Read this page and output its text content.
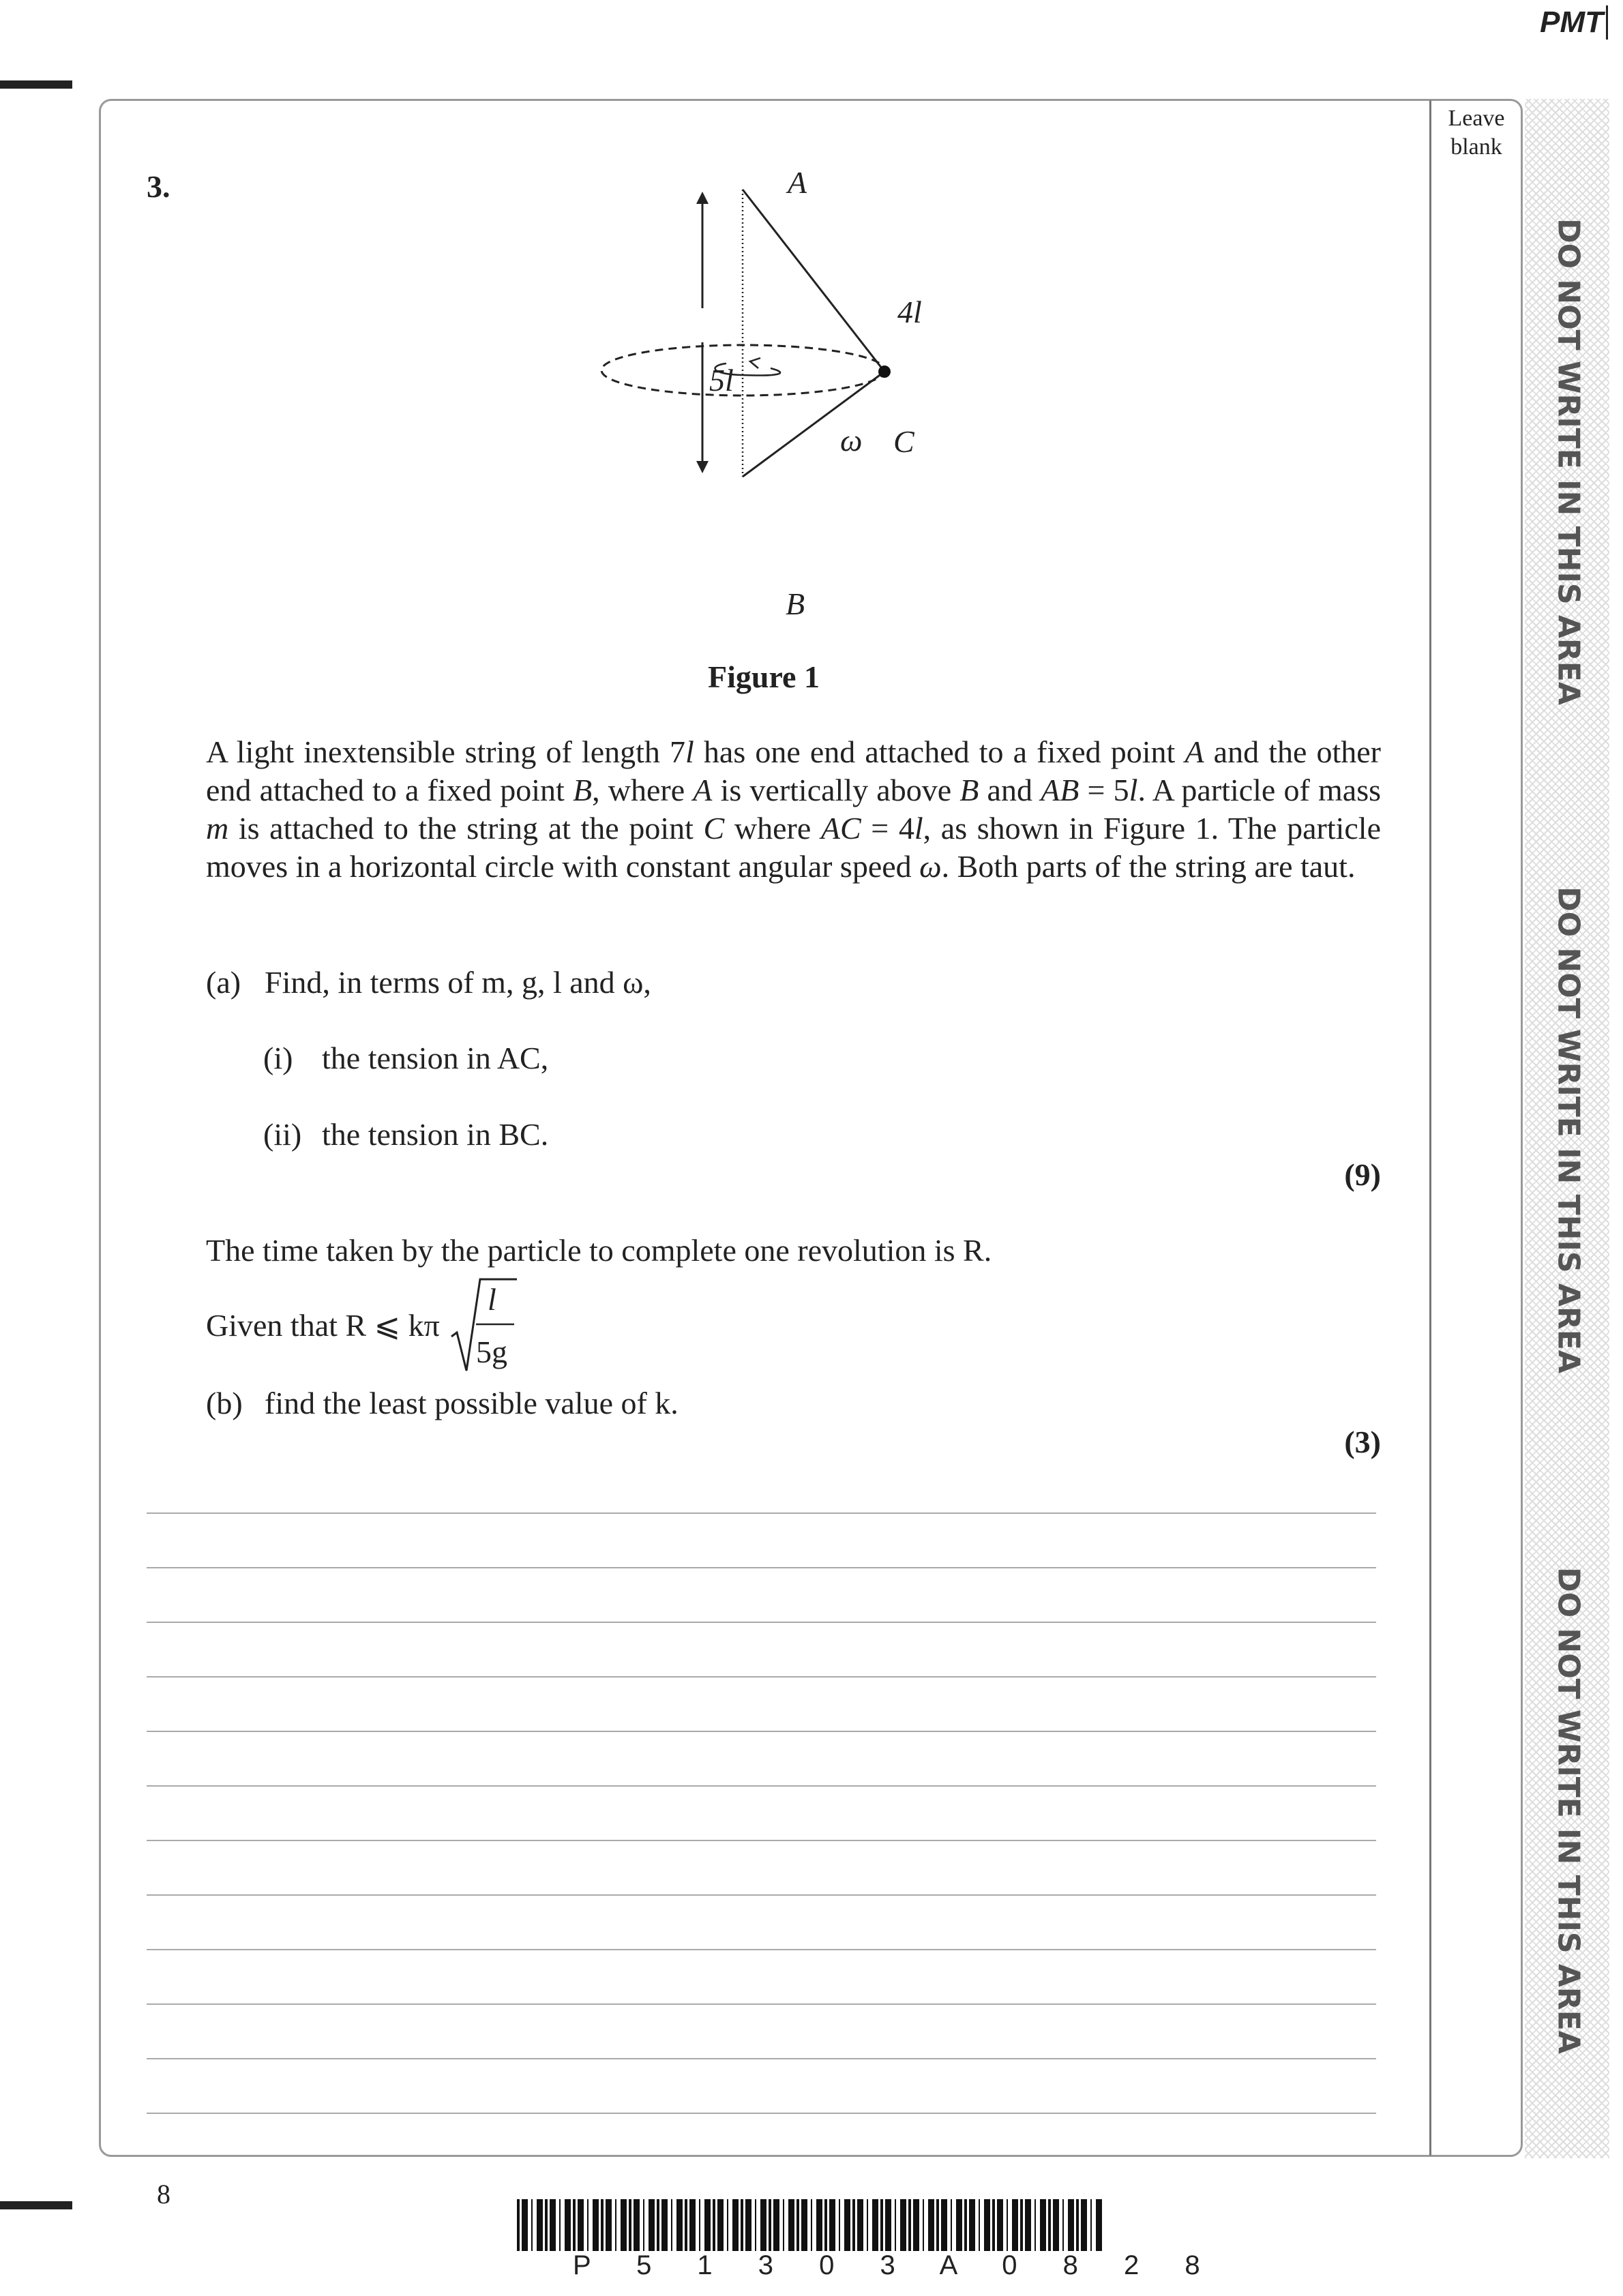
PMT
Leave blank
DO NOT WRITE IN THIS AREA
DO NOT WRITE IN THIS AREA
DO NOT WRITE IN THIS AREA
3.	A
B
C
5l
4l
ω
Figure 1
A light inextensible string of length 7l has one end attached to a fixed point A and the other end attached to a fixed point B, where A is vertically above B and AB = 5l. A particle of mass m is attached to the string at the point C where AC = 4l, as shown in Figure 1. The particle moves in a horizontal circle with constant angular speed ω. Both parts of the string are taut.
(a) Find, in terms of m, g, l and ω,
(i) the tension in AC,
(ii) the tension in BC.
(9)
The time taken by the particle to complete one revolution is R.
Given that R ⩽ kπ
l
5g
(b) find the least possible value of k.
(3)
8
P 5 1 3 0 3 A 0 8 2 8
